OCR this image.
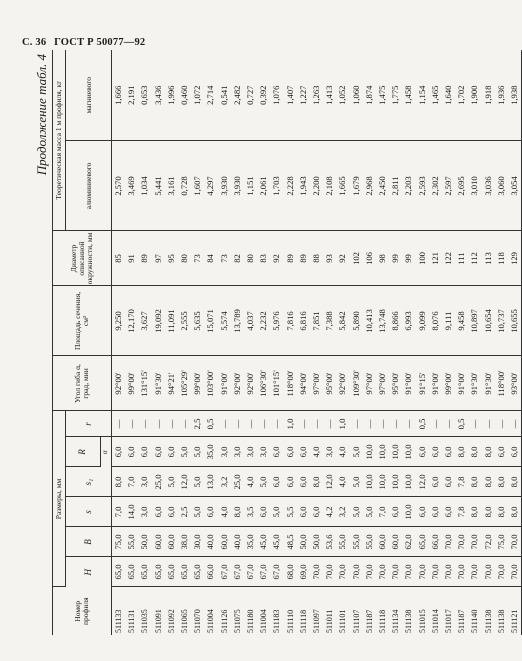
С. 36 ГОСТ Р 50077—92
Продолжение табл. 4
Номер профиля	Размеры, мм						Угол гиба α, град, мин	Площадь сечения, см²	Диаметр описанной окружности, мм	Теоретическая масса 1 м профиля, кг	
	H	B	s	s₁	R	r				алюминиевого	магниевого
					α						
511133	65,0	75,0	7,0	8,0	6,0	—	92°00'	9,250	85	2,570	1,666
511131	65,0	55,0	14,0	7,0	6,0	—	99°00'	12,170	91	3,469	2,191
511035	65,0	50,0	3,0	3,0	6,0	—	131°15'	3,627	89	1,034	0,653
511091	65,0	60,0	6,0	25,0	6,0	—	91°30'	19,092	97	5,441	3,436
511092	65,0	60,0	6,0	5,0	6,0	—	94°21'	11,091	95	3,161	1,996
511065	65,0	38,0	2,5	12,0	5,0	—	105°29'	2,555	80	0,728	0,460
511070	65,0	30,0	5,0	5,0	5,0	2,5	99°00'	5,635	73	1,607	1,072
511004	66,0	40,0	6,0	13,0	35,0	0,5	103°00'	15,071	84	4,297	2,714
511126	67,0	60,0	4,0	3,2	3,0	—	91°00'	5,574	73	3,930	0,541
511075	67,0	40,0	8,0	25,0	3,0	—	92°00'	13,789	82	3,930	2,482
511180	67,0	35,0	3,5	4,0	3,0	—	92°00'	4,037	80	1,151	0,727
511004	67,0	45,0	6,0	5,0	3,0	—	106°30'	2,232	83	2,061	0,392
511183	67,0	45,0	5,0	6,0	6,0	—	101°15'	5,976	92	1,703	1,076
511110	68,0	48,5	5,5	6,0	6,0	1,0	118°00'	7,816	89	2,228	1,407
511118	69,0	50,0	6,0	6,0	6,0	—	94°00'	6,816	89	1,943	1,227
511097	70,0	50,0	6,0	8,0	4,0	—	97°00'	7,851	88	2,200	1,263
511011	70,0	53,6	4,2	12,0	3,0	—	95°00'	7,388	93	2,108	1,413
511101	70,0	55,0	3,2	4,0	4,0	1,0	92°00'	5,842	92	1,665	1,052
511107	70,0	55,0	5,0	5,0	5,0	—	109°30'	5,890	102	1,679	1,060
511187	70,0	55,0	5,0	10,0	10,0	—	97°00'	10,413	106	2,968	1,874
511118	70,0	60,0	7,0	10,0	10,0	—	97°00'	13,748	98	2,450	1,475
511134	70,0	60,0	6,0	10,0	10,0	—	95°00'	8,866	99	2,811	1,775
511138	70,0	62,0	10,0	10,0	10,0	—	91°00'	6,993	99	2,203	1,458
511015	70,0	65,0	6,0	12,0	6,0	0,5	91°15'	9,099	100	2,593	1,154
511014	70,0	66,0	6,0	6,0	6,0	—	91°00'	8,076	121	2,302	1,465
511017	70,0	70,0	6,0	6,0	6,0	—	99°00'	9,111	122	2,597	1,640
511187	70,0	70,0	7,8	7,8	8,0	0,5	91°00'	9,458	111	2,695	1,702
511140	70,0	70,0	8,0	8,0	8,0	—	91°30'	10,897	112	3,010	1,900
511138	70,0	72,0	8,0	8,0	8,0	—	91°30'	10,654	113	3,036	1,918
511138	70,0	75,0	8,0	8,0	6,0	—	118°00'	10,737	118	3,060	1,936
511121	70,0	70,0	8,0	8,0	6,0	—	93°00'	10,655	129	3,054	1,938
